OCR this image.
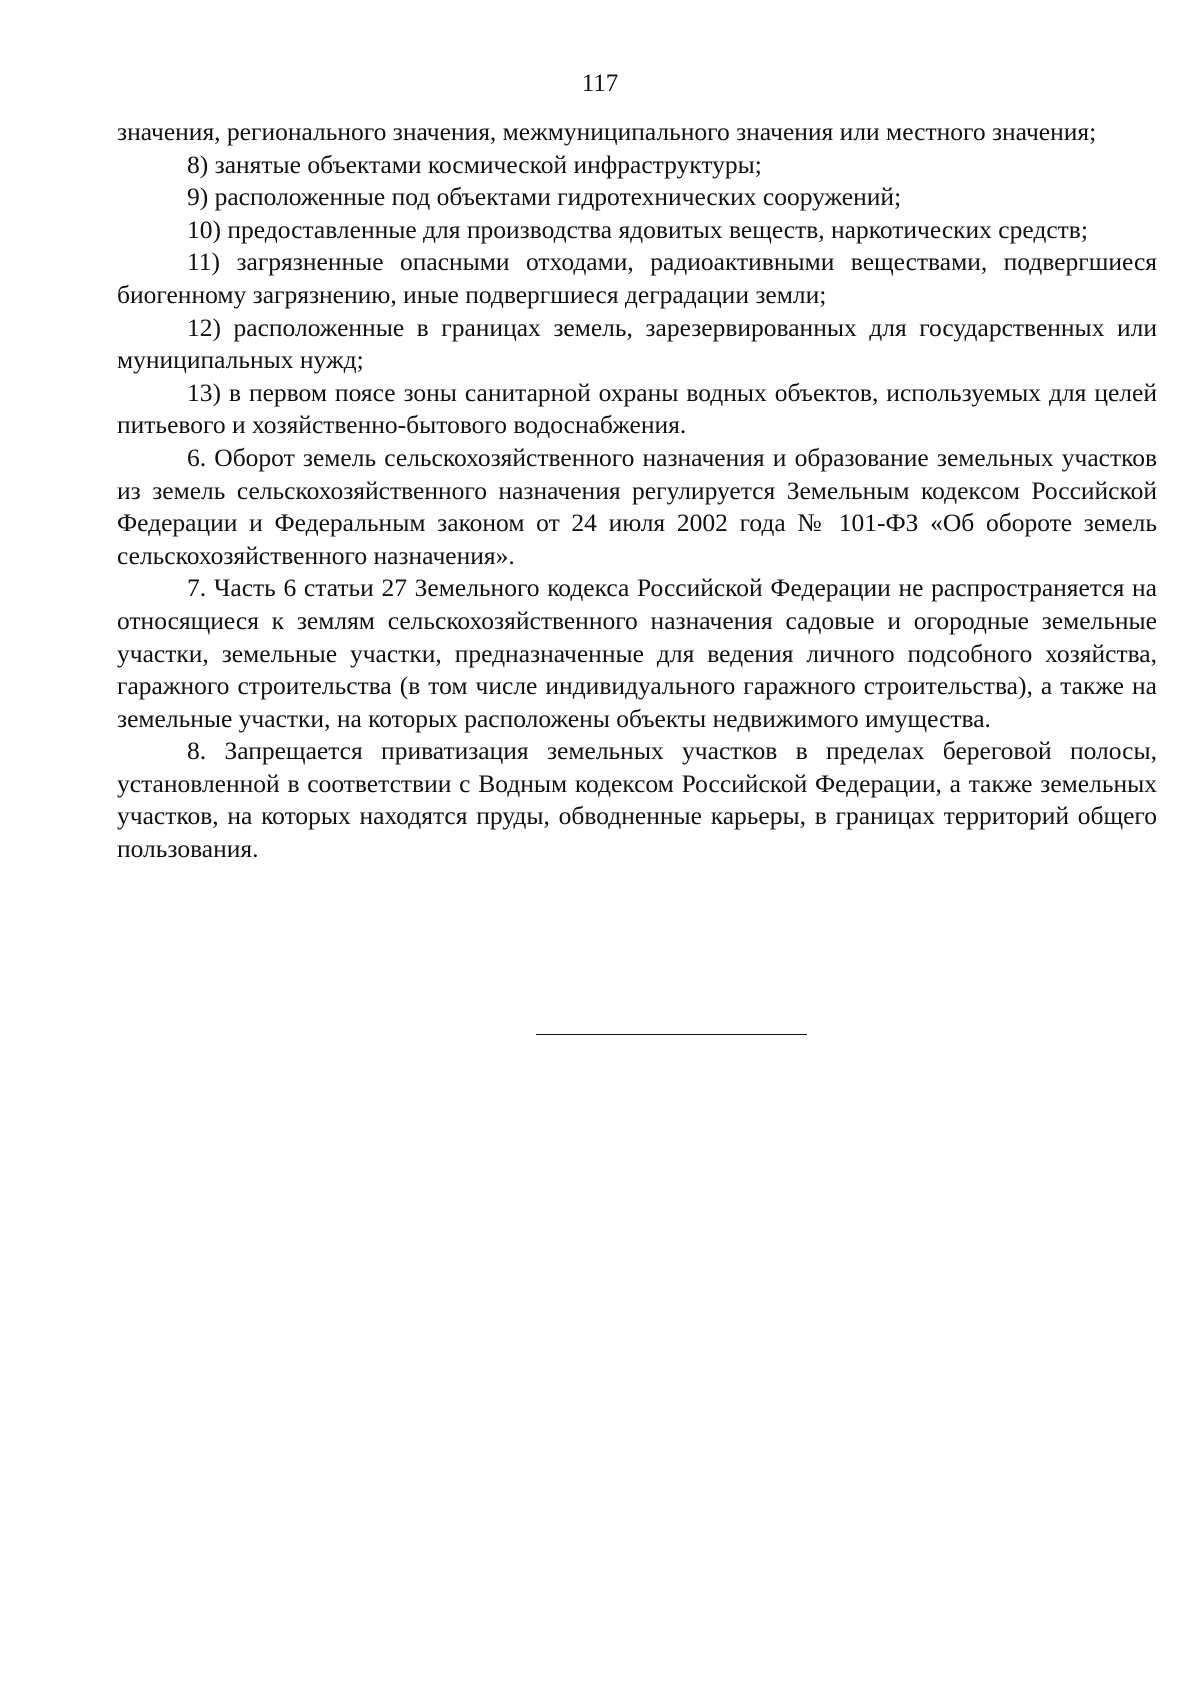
117

значения, регионального значения, межмуниципального значения или местного значения;

8) занятые объектами космической инфраструктуры;

9) расположенные под объектами гидротехнических сооружений;

10) предоставленные для производства ядовитых веществ, наркотических средств;

11) загрязненные опасными отходами, радиоактивными веществами, подвергшиеся биогенному загрязнению, иные подвергшиеся деградации земли;

12) расположенные в границах земель, зарезервированных для государственных или муниципальных нужд;

13) в первом поясе зоны санитарной охраны водных объектов, используемых для целей питьевого и хозяйственно-бытового водоснабжения.

6. Оборот земель сельскохозяйственного назначения и образование земельных участков из земель сельскохозяйственного назначения регулируется Земельным кодексом Российской Федерации и Федеральным законом от 24 июля 2002 года № 101-ФЗ «Об обороте земель сельскохозяйственного назначения».

7. Часть 6 статьи 27 Земельного кодекса Российской Федерации не распространяется на относящиеся к землям сельскохозяйственного назначения садовые и огородные земельные участки, земельные участки, предназначенные для ведения личного подсобного хозяйства, гаражного строительства (в том числе индивидуального гаражного строительства), а также на земельные участки, на которых расположены объекты недвижимого имущества.

8. Запрещается приватизация земельных участков в пределах береговой полосы, установленной в соответствии с Водным кодексом Российской Федерации, а также земельных участков, на которых находятся пруды, обводненные карьеры, в границах территорий общего пользования.
